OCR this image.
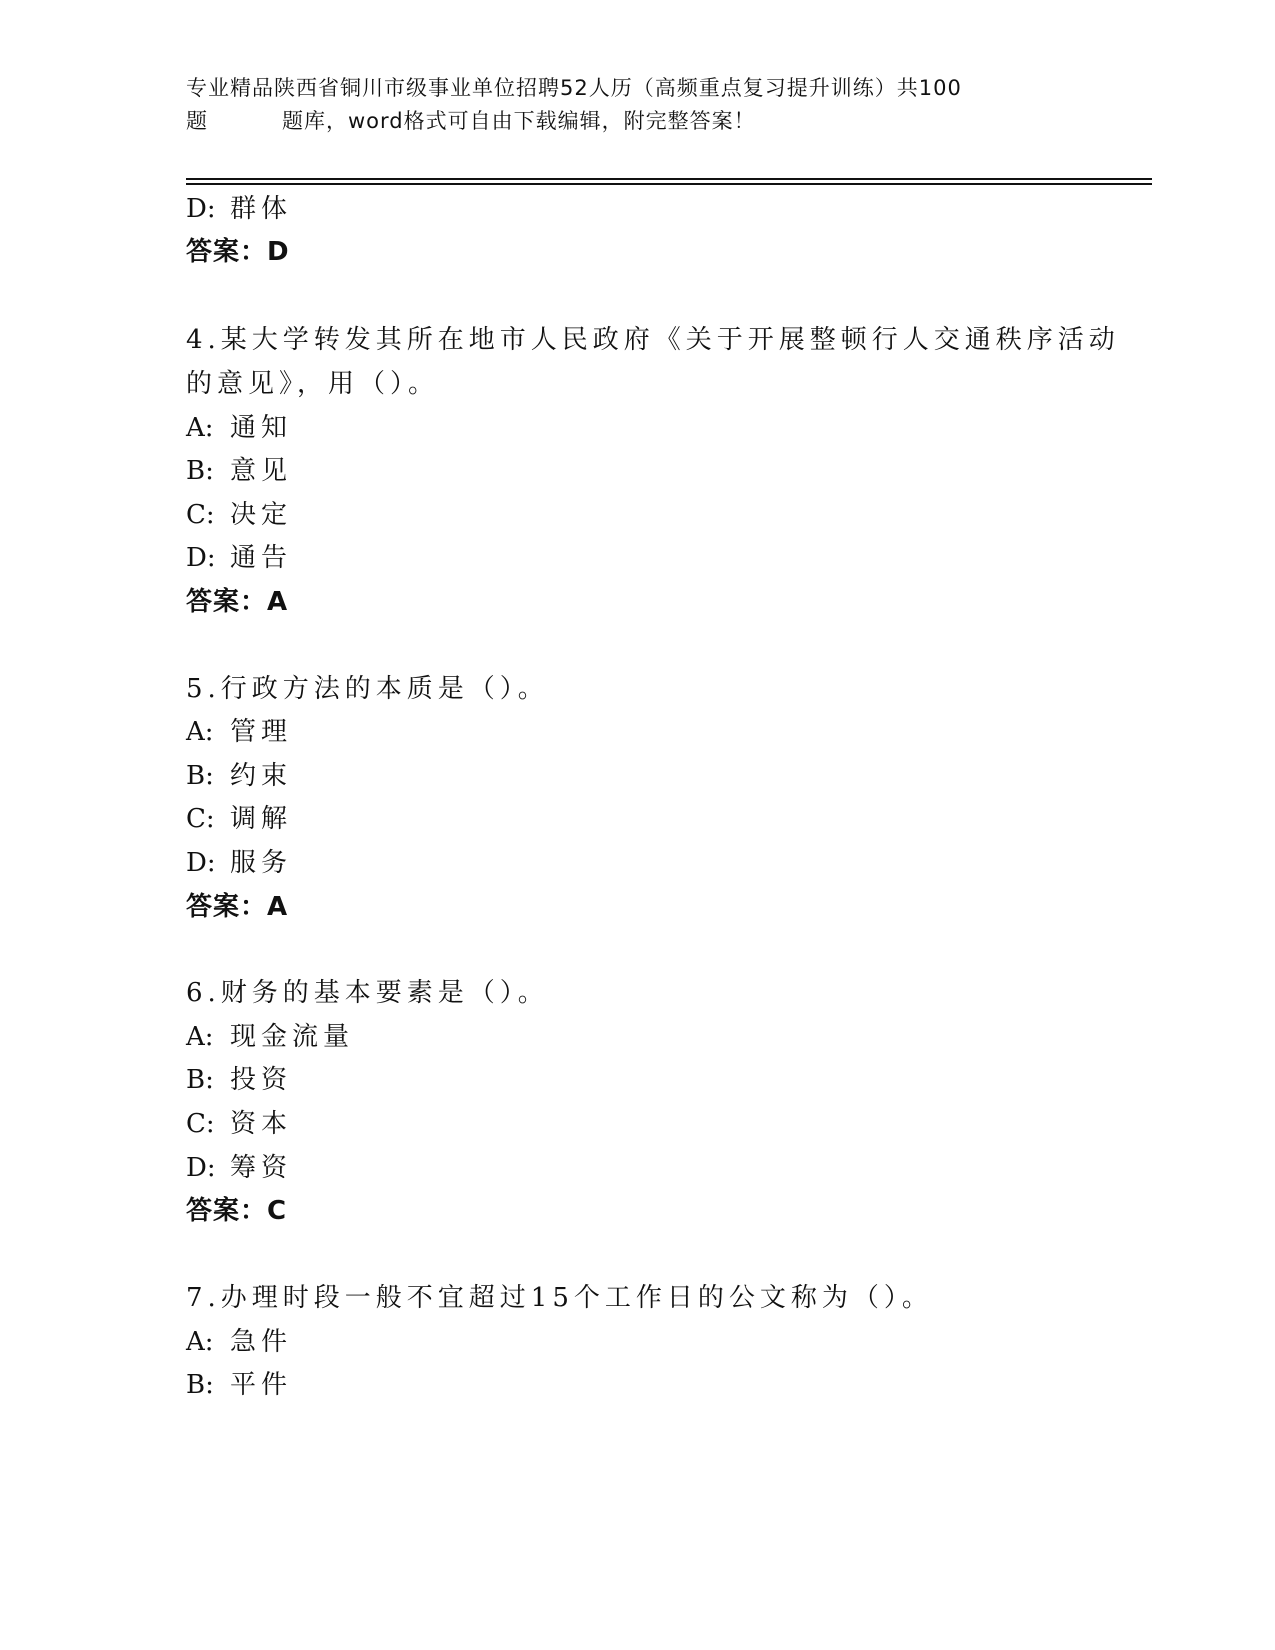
专业精品陕西省铜川市级事业单位招聘52人历（高频重点复习提升训练）共100
题	题库，word格式可自由下载编辑，附完整答案！
D: 群体
答案：D
4.某大学转发其所在地市人民政府《关于开展整顿行人交通秩序活动
的意见》，用（）。
A: 通知
B: 意见
C: 决定
D: 通告
答案：A
5.行政方法的本质是（）。
A: 管理
B: 约束
C: 调解
D: 服务
答案：A
6.财务的基本要素是（）。
A: 现金流量
B: 投资
C: 资本
D: 筹资
答案：C
7.办理时段一般不宜超过15个工作日的公文称为（）。
A: 急件
B: 平件
